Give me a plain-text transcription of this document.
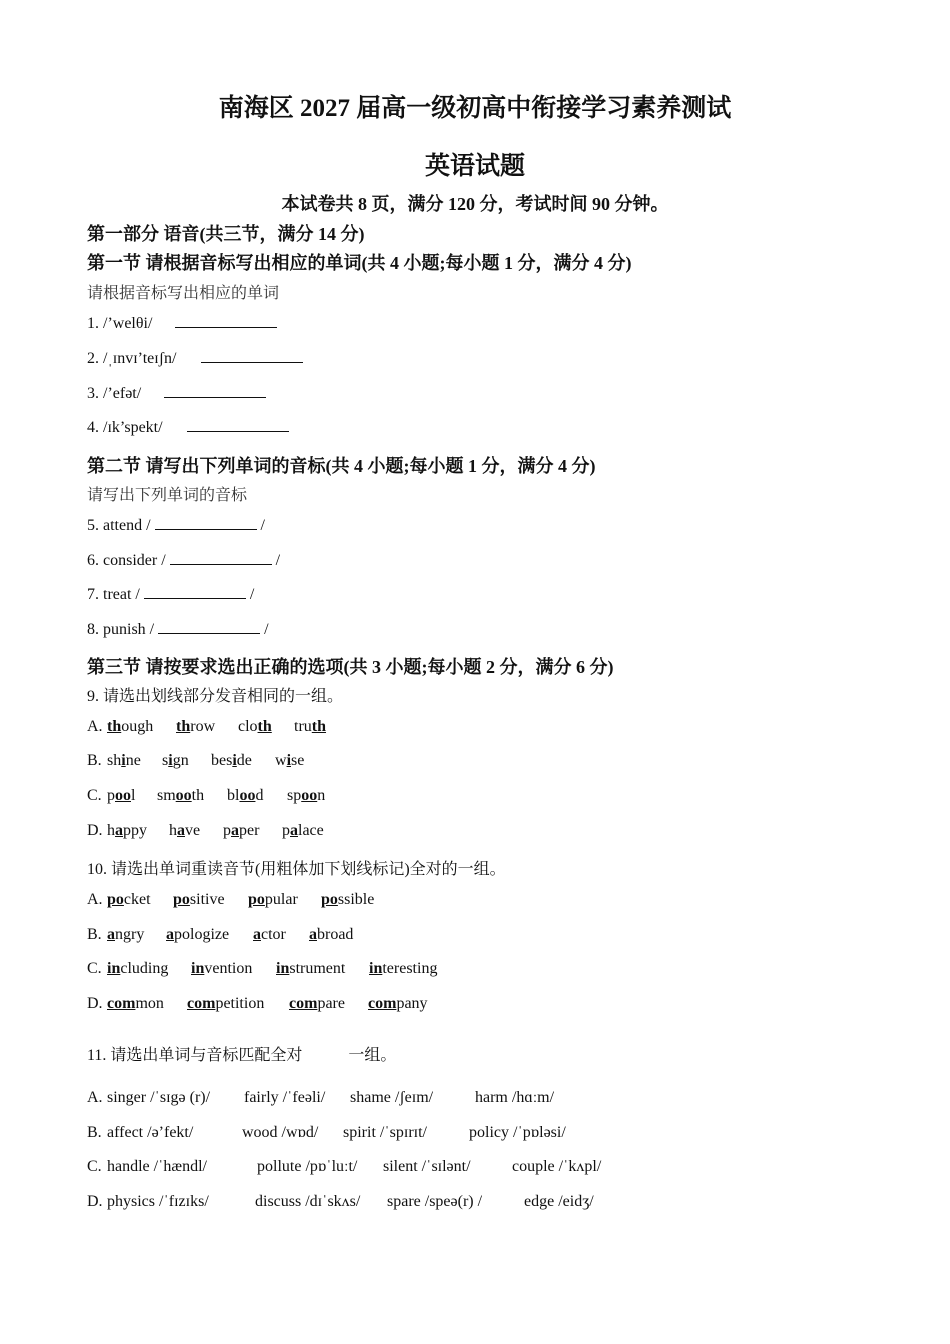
南海区 2027 届高一级初高中衔接学习素养测试
英语试题
本试卷共 8 页，满分 120 分，考试时间 90 分钟。
第一部分 语音(共三节，满分 14 分)
第一节 请根据音标写出相应的单词(共 4 小题;每小题 1 分，满分 4 分)
请根据音标写出相应的单词
1. /’welθi/
2. /ˌɪnvɪ’teɪʃn/
3. /’efət/
4. /ɪk’spekt/
第二节 请写出下列单词的音标(共 4 小题;每小题 1 分，满分 4 分)
请写出下列单词的音标
5. attend /	/
6. consider /	/
7. treat /	/
8. punish /	/
第三节 请按要求选出正确的选项(共 3 小题;每小题 2 分，满分 6 分)
9. 请选出划线部分发音相同的一组。
A. though throw cloth truth
B. shine sign beside wise
C. pool smooth blood spoon
D. happy have paper palace
10. 请选出单词重读音节(用粗体加下划线标记)全对的一组。
A. pocket positive popular possible
B. angry apologize actor abroad
C. including invention instrument interesting
D. common competition compare company
11. 请选出单词与音标匹配全对	一组。
A. singer /ˈsɪgə (r)/ fairly /ˈfeəli/ shame /ʃeɪm/	harm /hɑːm/
B. affect /ə’fekt/	wood /wɒd/ spirit /ˈspɪrɪt/	policy /ˈpɒləsi/
C. handle /ˈhændl/	pollute /pɒˈluːt/ silent /ˈsɪlənt/	couple /ˈkʌpl/
D. physics /ˈfɪzɪks/	discuss /dɪˈskʌs/ spare /speə(r) /	edge /eidʒ/
